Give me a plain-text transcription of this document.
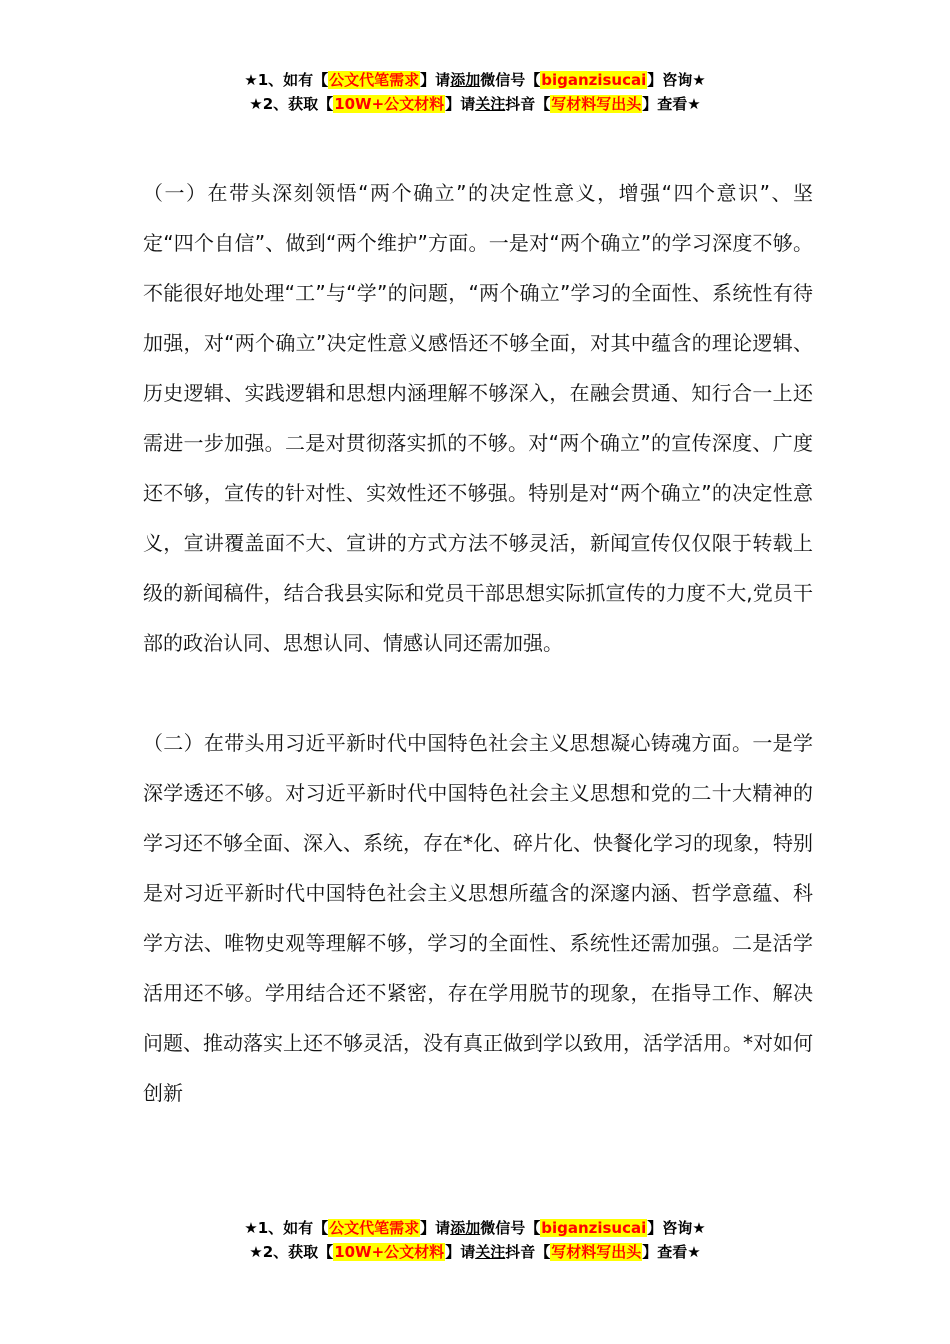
★1、如有【公文代笔需求】请添加微信号【biganzisucai】咨询★
★2、获取【10W+公文材料】请关注抖音【写材料写出头】查看★

（一）在带头深刻领悟“两个确立”的决定性意义，增强“四个意识”、坚定“四个自信”、做到“两个维护”方面。一是对“两个确立”的学习深度不够。不能很好地处理“工”与“学”的问题，“两个确立”学习的全面性、系统性有待加强，对“两个确立”决定性意义感悟还不够全面，对其中蕴含的理论逻辑、历史逻辑、实践逻辑和思想内涵理解不够深入，在融会贯通、知行合一上还需进一步加强。二是对贯彻落实抓的不够。对“两个确立”的宣传深度、广度还不够，宣传的针对性、实效性还不够强。特别是对“两个确立”的决定性意义，宣讲覆盖面不大、宣讲的方式方法不够灵活，新闻宣传仅仅限于转载上级的新闻稿件，结合我县实际和党员干部思想实际抓宣传的力度不大,党员干部的政治认同、思想认同、情感认同还需加强。

（二）在带头用习近平新时代中国特色社会主义思想凝心铸魂方面。一是学深学透还不够。对习近平新时代中国特色社会主义思想和党的二十大精神的学习还不够全面、深入、系统，存在*化、碎片化、快餐化学习的现象，特别是对习近平新时代中国特色社会主义思想所蕴含的深邃内涵、哲学意蕴、科学方法、唯物史观等理解不够，学习的全面性、系统性还需加强。二是活学活用还不够。学用结合还不紧密，存在学用脱节的现象，在指导工作、解决问题、推动落实上还不够灵活，没有真正做到学以致用，活学活用。*对如何创新

★1、如有【公文代笔需求】请添加微信号【biganzisucai】咨询★
★2、获取【10W+公文材料】请关注抖音【写材料写出头】查看★
